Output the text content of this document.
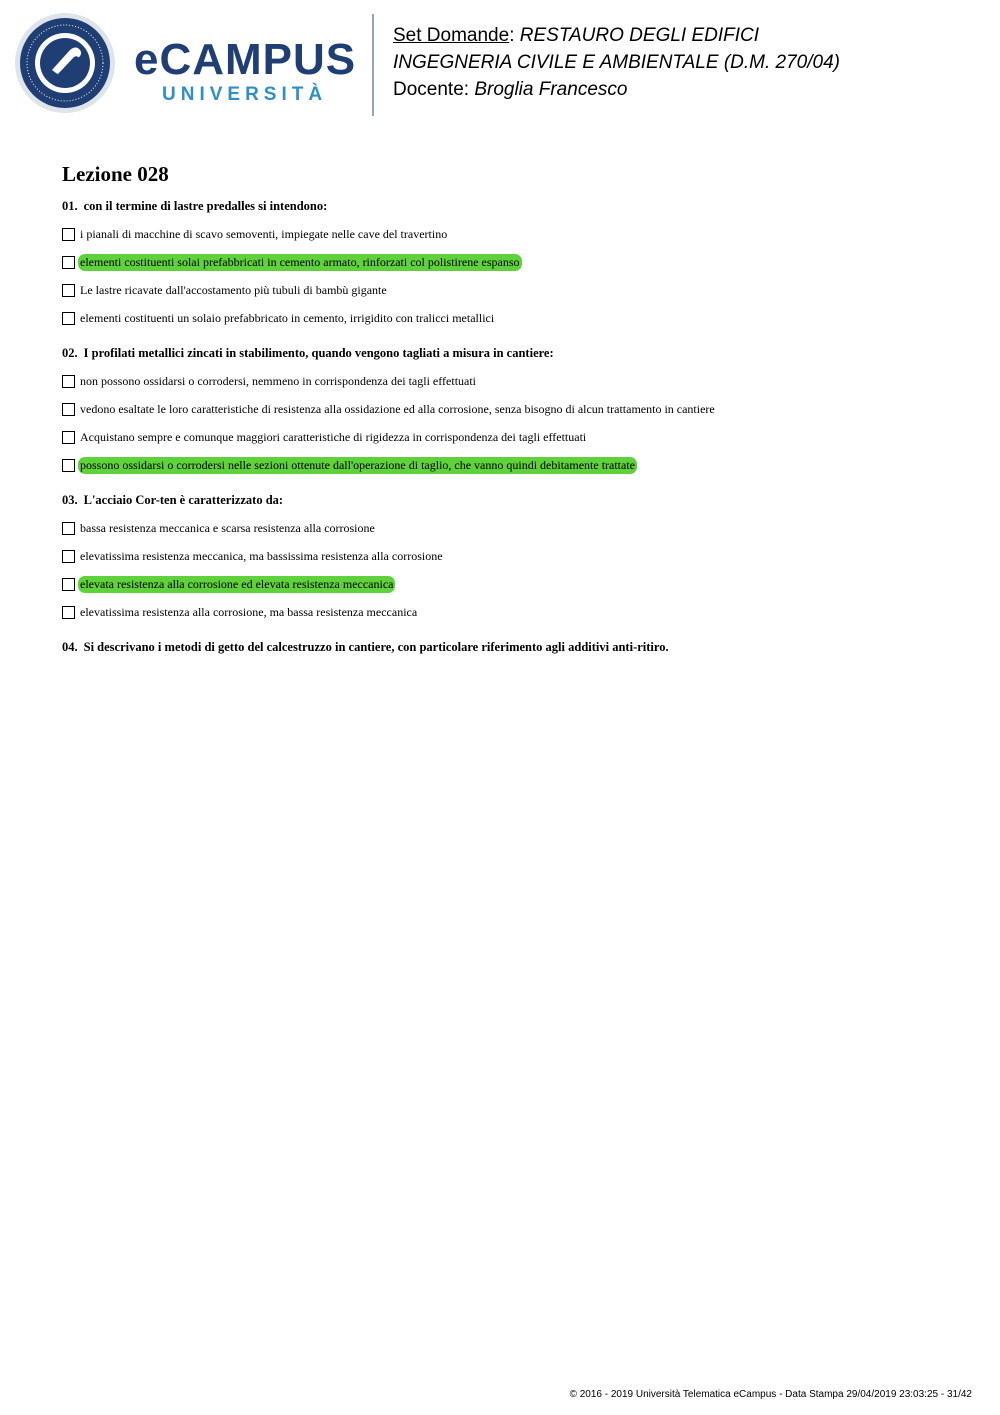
eCAMPUS
UNIVERSITÀ
Set Domande: RESTAURO DEGLI EDIFICI
INGEGNERIA CIVILE E AMBIENTALE (D.M. 270/04)
Docente: Broglia Francesco
Lezione 028
01. con il termine di lastre predalles si intendono:
i pianali di macchine di scavo semoventi, impiegate nelle cave del travertino
elementi costituenti solai prefabbricati in cemento armato, rinforzati col polistirene espanso
Le lastre ricavate dall'accostamento più tubuli di bambù gigante
elementi costituenti un solaio prefabbricato in cemento, irrigidito con tralicci metallici
02. I profilati metallici zincati in stabilimento, quando vengono tagliati a misura in cantiere:
non possono ossidarsi o corrodersi, nemmeno in corrispondenza dei tagli effettuati
vedono esaltate le loro caratteristiche di resistenza alla ossidazione ed alla corrosione, senza bisogno di alcun trattamento in cantiere
Acquistano sempre e comunque maggiori caratteristiche di rigidezza in corrispondenza dei tagli effettuati
possono ossidarsi o corrodersi nelle sezioni ottenute dall'operazione di taglio, che vanno quindi debitamente trattate
03. L'acciaio Cor-ten è caratterizzato da:
bassa resistenza meccanica e scarsa resistenza alla corrosione
elevatissima resistenza meccanica, ma bassissima resistenza alla corrosione
elevata resistenza alla corrosione ed elevata resistenza meccanica
elevatissima resistenza alla corrosione, ma bassa resistenza meccanica
04. Si descrivano i metodi di getto del calcestruzzo in cantiere, con particolare riferimento agli additivi anti-ritiro.
© 2016 - 2019 Università Telematica eCampus - Data Stampa 29/04/2019 23:03:25 - 31/42
